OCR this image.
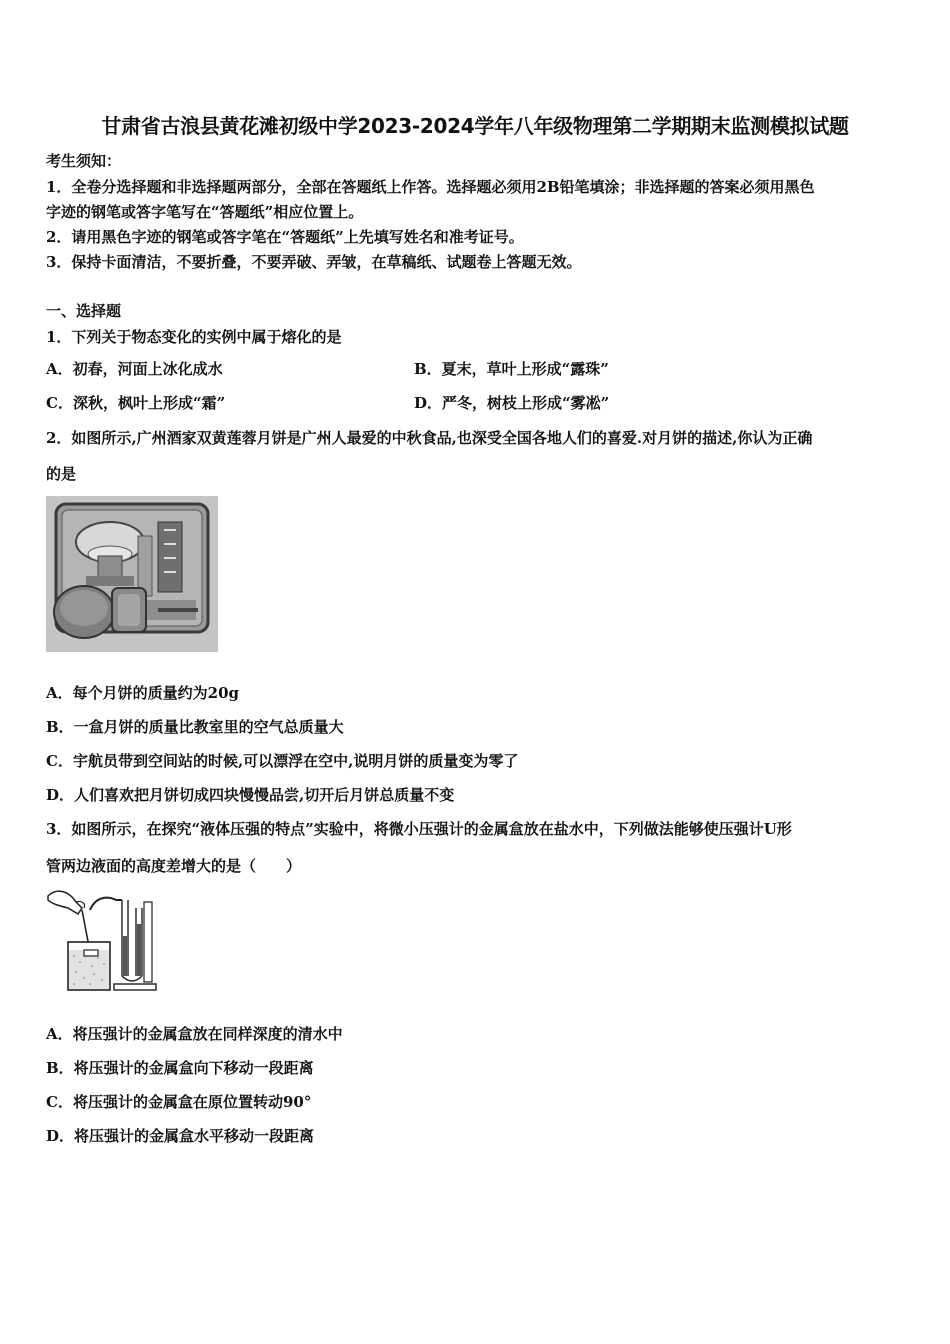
甘肃省古浪县黄花滩初级中学2023-2024学年八年级物理第二学期期末监测模拟试题
考生须知：
1．全卷分选择题和非选择题两部分，全部在答题纸上作答。选择题必须用2B铅笔填涂；非选择题的答案必须用黑色
字迹的钢笔或答字笔写在“答题纸”相应位置上。
2．请用黑色字迹的钢笔或答字笔在“答题纸”上先填写姓名和准考证号。
3．保持卡面清洁，不要折叠，不要弄破、弄皱，在草稿纸、试题卷上答题无效。
一、选择题
1．下列关于物态变化的实例中属于熔化的是
A．初春，河面上冰化成水	B．夏末，草叶上形成“露珠”
C．深秋，枫叶上形成“霜”	D．严冬，树枝上形成“雾凇”
2．如图所示,广州酒家双黄莲蓉月饼是广州人最爱的中秋食品,也深受全国各地人们的喜爱.对月饼的描述,你认为正确
的是
A．每个月饼的质量约为20g
B．一盒月饼的质量比教室里的空气总质量大
C．宇航员带到空间站的时候,可以漂浮在空中,说明月饼的质量变为零了
D．人们喜欢把月饼切成四块慢慢品尝,切开后月饼总质量不变
3．如图所示，在探究“液体压强的特点”实验中，将微小压强计的金属盒放在盐水中，下列做法能够使压强计U形
管两边液面的高度差增大的是（　　）
A．将压强计的金属盒放在同样深度的清水中
B．将压强计的金属盒向下移动一段距离
C．将压强计的金属盒在原位置转动90°
D．将压强计的金属盒水平移动一段距离
